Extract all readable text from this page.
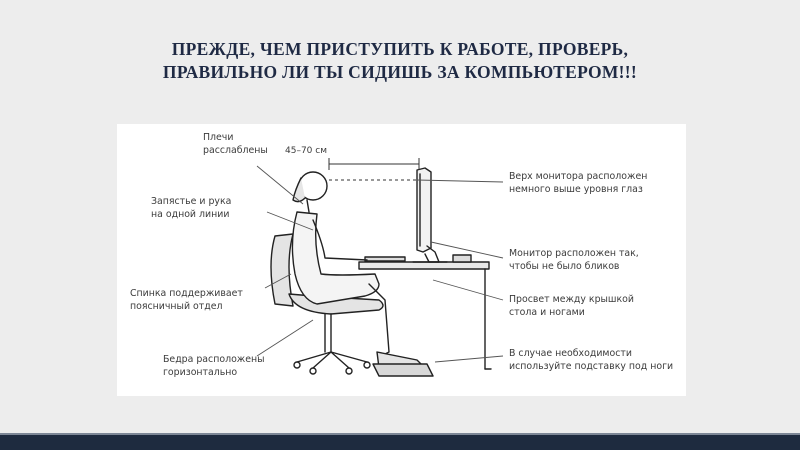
ПРЕЖДЕ, ЧЕМ ПРИСТУПИТЬ К РАБОТЕ, ПРОВЕРЬ,
ПРАВИЛЬНО ЛИ ТЫ СИДИШЬ ЗА КОМПЬЮТЕРОМ!!!
45–70 см
Плечи
расслаблены
Запястье и рука
на одной линии
Спинка поддерживает
поясничный отдел
Бедра расположены
горизонтально
Верх монитора расположен
немного выше уровня глаз
Монитор расположен так,
чтобы не было бликов
Просвет между крышкой
стола и ногами
В случае необходимости
используйте подставку под ноги
